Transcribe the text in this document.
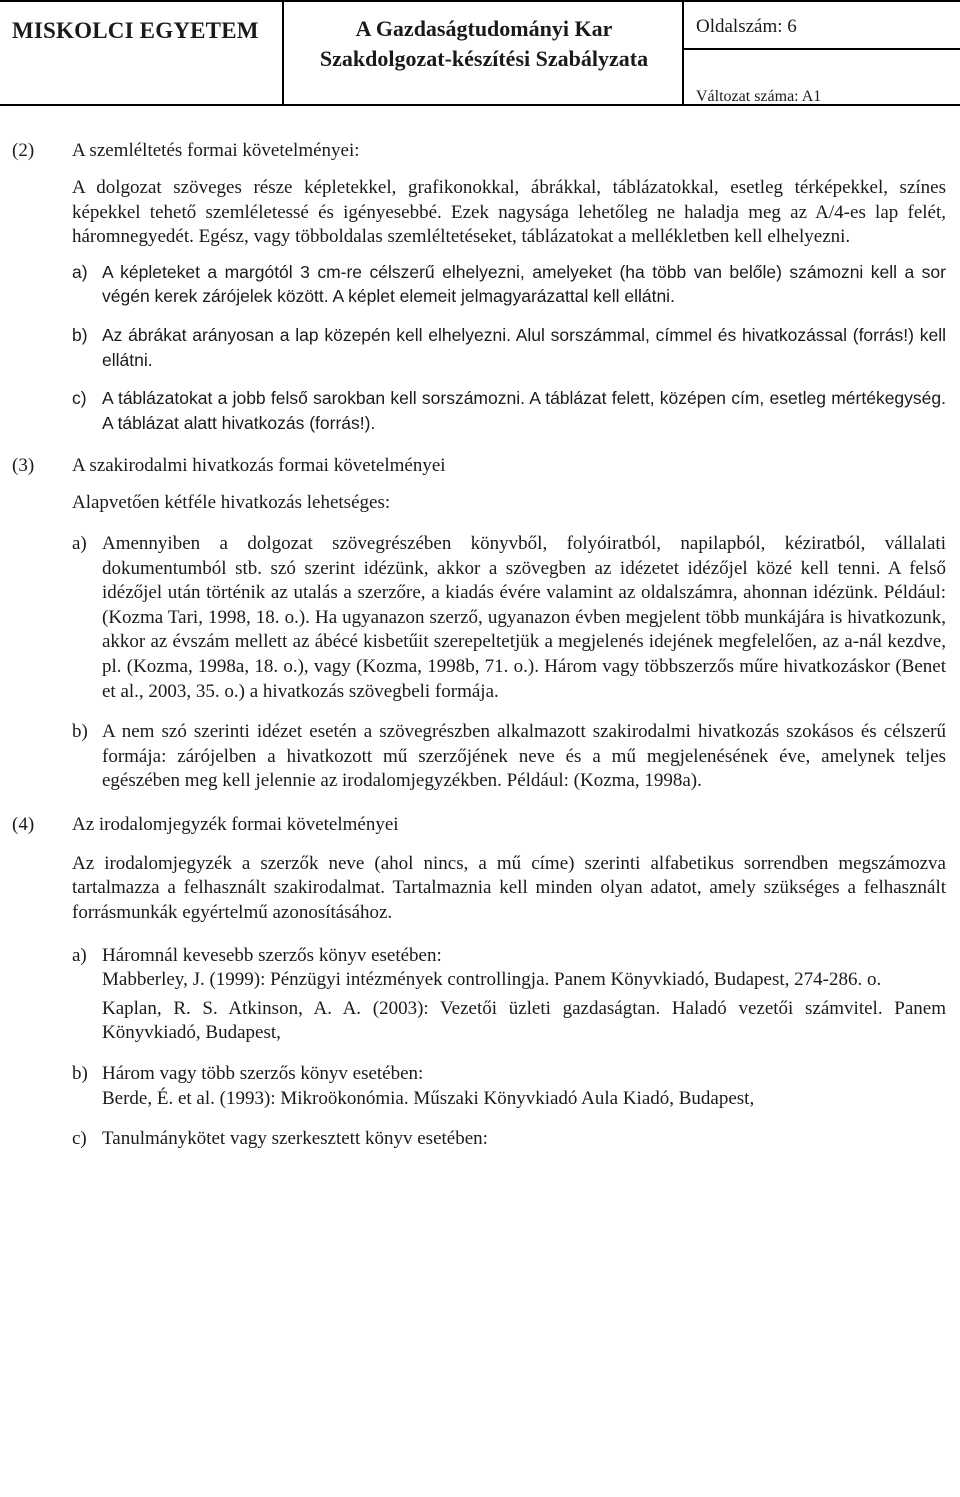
MISKOLCI EGYETEM	A Gazdaságtudományi Kar
Szakdolgozat-készítési Szabályzata
Oldalszám: 6
Változat száma: A1
(2) A szemléltetés formai követelményei:

A dolgozat szöveges része képletekkel, grafikonokkal, ábrákkal, táblázatokkal, esetleg térképekkel, színes képekkel tehető szemléletessé és igényesebbé. Ezek nagysága lehetőleg ne haladja meg az A/4-es lap felét, háromnegyedét. Egész, vagy többoldalas szemléltetéseket, táblázatokat a mellékletben kell elhelyezni.

a) A képleteket a margótól 3 cm-re célszerű elhelyezni, amelyeket (ha több van belőle) számozni kell a sor végén kerek zárójelek között. A képlet elemeit jelmagyarázattal kell ellátni.

b) Az ábrákat arányosan a lap közepén kell elhelyezni. Alul sorszámmal, címmel és hivatkozással (forrás!) kell ellátni.

c) A táblázatokat a jobb felső sarokban kell sorszámozni. A táblázat felett, középen cím, esetleg mértékegység. A táblázat alatt hivatkozás (forrás!).

(3) A szakirodalmi hivatkozás formai követelményei

Alapvetően kétféle hivatkozás lehetséges:

a) Amennyiben a dolgozat szövegrészében könyvből, folyóiratból, napilapból, kéziratból, vállalati dokumentumból stb. szó szerint idézünk, akkor a szövegben az idézetet idézőjel közé kell tenni. A felső idézőjel után történik az utalás a szerzőre, a kiadás évére valamint az oldalszámra, ahonnan idézünk. Például: (Kozma Tari, 1998, 18. o.). Ha ugyanazon szerző, ugyanazon évben megjelent több munkájára is hivatkozunk, akkor az évszám mellett az ábécé kisbetűit szerepeltetjük a megjelenés idejének megfelelően, az a-nál kezdve, pl. (Kozma, 1998a, 18. o.), vagy (Kozma, 1998b, 71. o.). Három vagy többszerzős műre hivatkozáskor (Benet et al., 2003, 35. o.) a hivatkozás szövegbeli formája.

b) A nem szó szerinti idézet esetén a szövegrészben alkalmazott szakirodalmi hivatkozás szokásos és célszerű formája: zárójelben a hivatkozott mű szerzőjének neve és a mű megjelenésének éve, amelynek teljes egészében meg kell jelennie az irodalomjegyzékben. Például: (Kozma, 1998a).

(4) Az irodalomjegyzék formai követelményei

Az irodalomjegyzék a szerzők neve (ahol nincs, a mű címe) szerinti alfabetikus sorrendben megszámozva tartalmazza a felhasznált szakirodalmat. Tartalmaznia kell minden olyan adatot, amely szükséges a felhasznált forrásmunkák egyértelmű azonosításához.

a) Háromnál kevesebb szerzős könyv esetében:

Mabberley, J. (1999): Pénzügyi intézmények controllingja. Panem Könyvkiadó, Budapest, 274-286. o.

Kaplan, R. S. Atkinson, A. A. (2003): Vezetői üzleti gazdaságtan. Haladó vezetői számvitel. Panem Könyvkiadó, Budapest,

b) Három vagy több szerzős könyv esetében:

Berde, É. et al. (1993): Mikroökonómia. Műszaki Könyvkiadó Aula Kiadó, Budapest,

c) Tanulmánykötet vagy szerkesztett könyv esetében:
